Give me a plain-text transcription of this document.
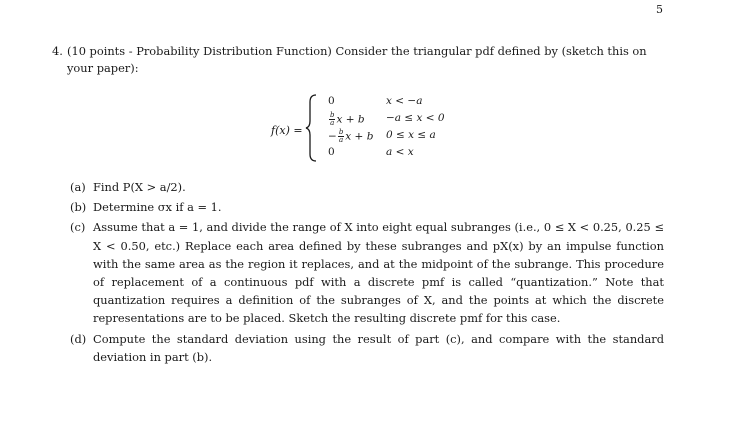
5
4. (10 points - Probability Distribution Function) Consider the triangular pdf defined by (sketch this on your paper):
f(x) =
0	x < −a
$\frac{b}{a}$ x + b −a ≤ x < 0
− $\frac{b}{a}$ x + b 0 ≤ x ≤ a
0	a < x
(a) Find P(X > a/2).
(b) Determine σx if a = 1.
(c) Assume that a = 1, and divide the range of X into eight equal subranges (i.e., 0 ≤ X < 0.25, 0.25 ≤ X < 0.50, etc.) Replace each area defined by these subranges and pX(x) by an impulse function with the same area as the region it replaces, and at the midpoint of the subrange. This procedure of replacement of a continuous pdf with a discrete pmf is called “quantization.” Note that quantization requires a definition of the subranges of X, and the points at which the discrete representations are to be placed. Sketch the resulting discrete pmf for this case.
(d) Compute the standard deviation using the result of part (c), and compare with the standard deviation in part (b).
